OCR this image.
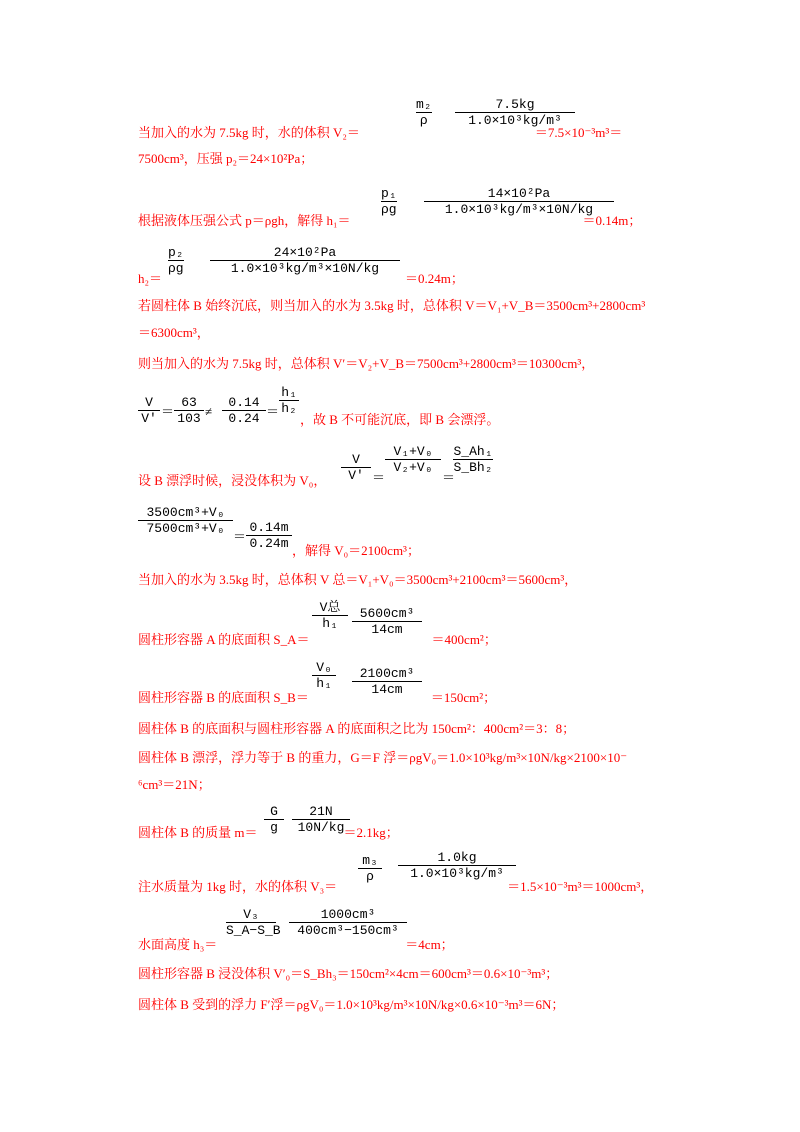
m₂
ρ
7.5kg
1.0×10³kg/m³
当加入的水为 7.5kg 时，水的体积 V₂＝	＝7.5×10⁻³m³＝
7500cm³，压强 p₂＝24×10²Pa；
p₁
ρg
14×10²Pa
1.0×10³kg/m³×10N/kg
根据液体压强公式 p＝ρgh，解得 h₁＝	＝0.14m；
p₂
ρg
24×10²Pa
1.0×10³kg/m³×10N/kg
h₂＝	＝0.24m；
若圆柱体 B 始终沉底，则当加入的水为 3.5kg 时，总体积 V＝V₁+V_B＝3500cm³+2800cm³
＝6300cm³，
则当加入的水为 7.5kg 时，总体积 V′＝V₂+V_B＝7500cm³+2800cm³＝10300cm³，
V
V′ ＝
63
103 ≠
0.14
0.24 ＝
h₁
h₂
，故 B 不可能沉底，即 B 会漂浮。
V
V′ ＝
V₁+V₀
V₂+V₀
＝
S_Ah₁
S_Bh₂
设 B 漂浮时候，浸没体积为 V₀，
3500cm³+V₀
7500cm³+V₀
＝
0.14m
0.24m ，解得 V₀＝2100cm³；
当加入的水为 3.5kg 时，总体积 V 总＝V₁+V₀＝3500cm³+2100cm³＝5600cm³，
V总
h₁
5600cm³
14cm
圆柱形容器 A 的底面积 S_A＝	＝400cm²；
V₀
h₁
2100cm³
14cm
圆柱形容器 B 的底面积 S_B＝	＝150cm²；
圆柱体 B 的底面积与圆柱形容器 A 的底面积之比为 150cm²：400cm²＝3：8；
圆柱体 B 漂浮，浮力等于 B 的重力，G＝F 浮＝ρgV₀＝1.0×10³kg/m³×10N/kg×2100×10⁻
⁶cm³＝21N；
G
g
21N
10N/kg
圆柱体 B 的质量 m＝	＝2.1kg；
m₃
ρ
1.0kg
1.0×10³kg/m³
注水质量为 1kg 时，水的体积 V₃＝	＝1.5×10⁻³m³＝1000cm³，
V₃
S_A−S_B
1000cm³
400cm³−150cm³
水面高度 h₃＝	＝4cm；
圆柱形容器 B 浸没体积 V′₀＝S_Bh₃＝150cm²×4cm＝600cm³＝0.6×10⁻³m³；
圆柱体 B 受到的浮力 F′浮＝ρgV₀＝1.0×10³kg/m³×10N/kg×0.6×10⁻³m³＝6N；
